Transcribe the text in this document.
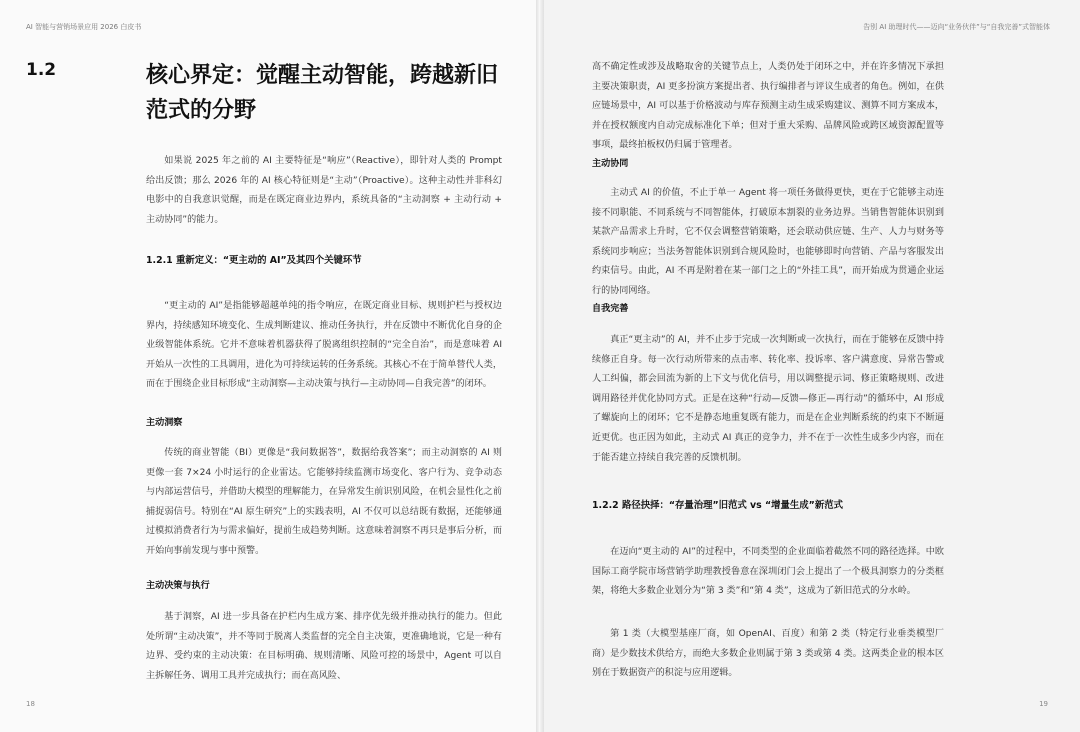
AI 智能与营销场景应用 2026 白皮书
1.2	核心界定：觉醒主动智能，跨越新旧范式的分野

如果说 2025 年之前的 AI 主要特征是“响应”（Reactive），即针对人类的 Prompt 给出反馈；那么 2026 年的 AI 核心特征则是“主动”（Proactive）。这种主动性并非科幻电影中的自我意识觉醒，而是在既定商业边界内，系统具备的“主动洞察 + 主动行动 + 主动协同”的能力。

1.2.1 重新定义：“更主动的 AI”及其四个关键环节

“更主动的 AI”是指能够超越单纯的指令响应，在既定商业目标、规则护栏与授权边界内，持续感知环境变化、生成判断建议、推动任务执行，并在反馈中不断优化自身的企业级智能体系统。它并不意味着机器获得了脱离组织控制的“完全自治”，而是意味着 AI 开始从一次性的工具调用，进化为可持续运转的任务系统。其核心不在于简单替代人类，而在于围绕企业目标形成“主动洞察—主动决策与执行—主动协同—自我完善”的闭环。

主动洞察

传统的商业智能（BI）更像是“我问数据答”，数据给我答案”；而主动洞察的 AI 则更像一套 7×24 小时运行的企业雷达。它能够持续监测市场变化、客户行为、竞争动态与内部运营信号，并借助大模型的理解能力，在异常发生前识别风险，在机会显性化之前捕捉弱信号。特别在“AI 原生研究”上的实践表明，AI 不仅可以总结既有数据，还能够通过模拟消费者行为与需求偏好，提前生成趋势判断。这意味着洞察不再只是事后分析，而开始向事前发现与事中预警。

主动决策与执行

基于洞察，AI 进一步具备在护栏内生成方案、排序优先级并推动执行的能力。但此处所谓“主动决策”，并不等同于脱离人类监督的完全自主决策，更准确地说，它是一种有边界、受约束的主动决策：在目标明确、规则清晰、风险可控的场景中，Agent 可以自主拆解任务、调用工具并完成执行；而在高风险、

18
告别 AI 助理时代——迈向“业务伙伴”与“自我完善”式智能体

高不确定性或涉及战略取舍的关键节点上，人类仍处于闭环之中，并在许多情况下承担主要决策职责，AI 更多扮演方案提出者、执行编排者与评议生成者的角色。例如，在供应链场景中，AI 可以基于价格波动与库存预测主动生成采购建议、测算不同方案成本，并在授权额度内自动完成标准化下单；但对于重大采购、品牌风险或跨区域资源配置等事项，最终拍板权仍归属于管理者。

主动协同

主动式 AI 的价值，不止于单一 Agent 将一项任务做得更快，更在于它能够主动连接不同职能、不同系统与不同智能体，打破原本割裂的业务边界。当销售智能体识别到某款产品需求上升时，它不仅会调整营销策略，还会联动供应链、生产、人力与财务等系统同步响应；当法务智能体识别到合规风险时，也能够即时向营销、产品与客服发出约束信号。由此，AI 不再是附着在某一部门之上的“外挂工具”，而开始成为贯通企业运行的协同网络。

自我完善

真正“更主动”的 AI，并不止步于完成一次判断或一次执行，而在于能够在反馈中持续修正自身。每一次行动所带来的点击率、转化率、投诉率、客户满意度、异常告警或人工纠偏，都会回流为新的上下文与优化信号，用以调整提示词、修正策略规则、改进调用路径并优化协同方式。正是在这种“行动—反馈—修正—再行动”的循环中，AI 形成了螺旋向上的闭环；它不是静态地重复既有能力，而是在企业判断系统的约束下不断逼近更优。也正因为如此，主动式 AI 真正的竞争力，并不在于一次性生成多少内容，而在于能否建立持续自我完善的反馈机制。

1.2.2 路径抉择：“存量治理”旧范式 vs “增量生成”新范式

在迈向“更主动的 AI”的过程中，不同类型的企业面临着截然不同的路径选择。中欧国际工商学院市场营销学助理教授鲁意在深圳闭门会上提出了一个极具洞察力的分类框架，将绝大多数企业划分为“第 3 类”和“第 4 类”，这成为了新旧范式的分水岭。

第 1 类（大模型基座厂商，如 OpenAI、百度）和第 2 类（特定行业垂类模型厂商）是少数技术供给方，而绝大多数企业则属于第 3 类或第 4 类。这两类企业的根本区别在于数据资产的积淀与应用逻辑。

19
